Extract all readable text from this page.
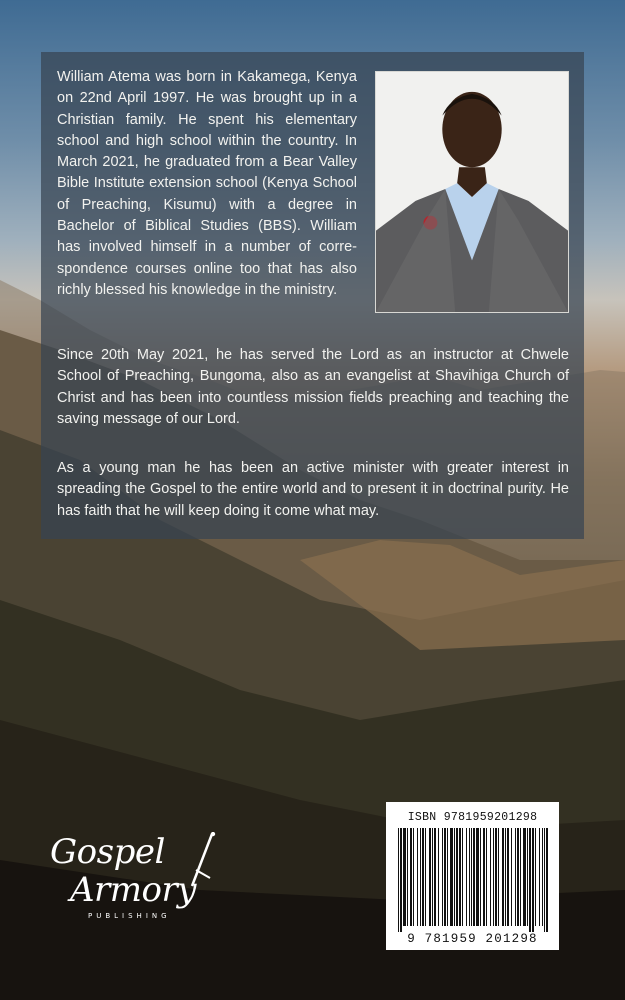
William Atema was born in Kakamega, Kenya on 22nd April 1997. He was brought up in a Christian family. He spent his elementary school and high school within the country. In March 2021, he graduated from a Bear Valley Bible Institute extension school (Kenya School of Preaching, Kisumu) with a degree in Bachelor of Biblical Studies (BBS). William has involved himself in a number of corre-spondence courses online too that has also richly blessed his knowledge in the ministry.

Since 20th May 2021, he has served the Lord as an instructor at Chwele School of Preaching, Bungoma, also as an evangelist at Shavihiga Church of Christ and has been into countless mission fields preaching and teaching the saving message of our Lord.

As a young man he has been an active minister with greater interest in spreading the Gospel to the entire world and to present it in doctrinal purity. He has faith that he will keep doing it come what may.

Gospel
Armory
PUBLISHING
ISBN 9781959201298
9 781959 201298
